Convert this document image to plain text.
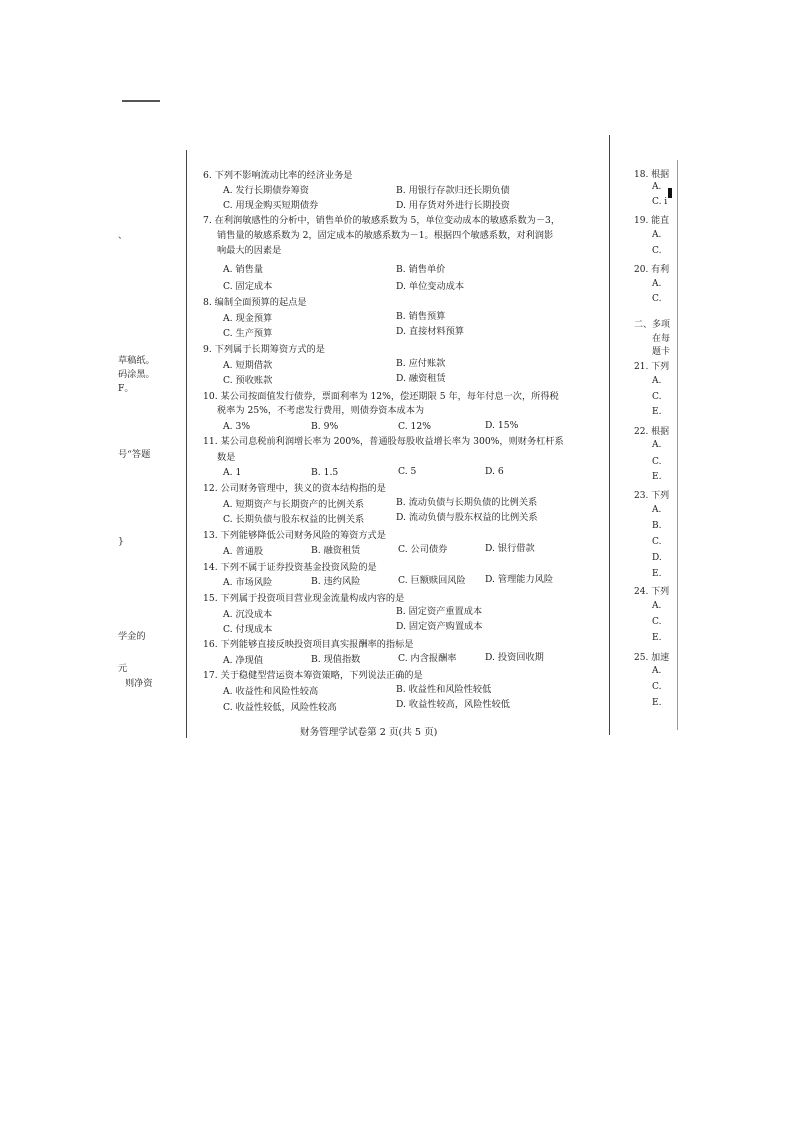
、
草稿纸。
码涂黑。
F。
号“答题
}
学金的
元
则净资
6. 下列不影响流动比率的经济业务是
A. 发行长期债券筹资	B. 用银行存款归还长期负债
C. 用现金购买短期债券	D. 用存货对外进行长期投资
7. 在利润敏感性的分析中，销售单价的敏感系数为 5，单位变动成本的敏感系数为－3，
销售量的敏感系数为 2，固定成本的敏感系数为－1。根据四个敏感系数，对利润影
响最大的因素是
A. 销售量	B. 销售单价
C. 固定成本	D. 单位变动成本
8. 编制全面预算的起点是
A. 现金预算	B. 销售预算
C. 生产预算	D. 直接材料预算
9. 下列属于长期筹资方式的是
A. 短期借款	B. 应付账款
C. 预收账款	D. 融资租赁
10. 某公司按面值发行债券，票面利率为 12%，偿还期限 5 年，每年付息一次，所得税
税率为 25%，不考虑发行费用，则债券资本成本为
A. 3%	B. 9%	C. 12%	D. 15%
11. 某公司息税前利润增长率为 200%，普通股每股收益增长率为 300%，则财务杠杆系
数是
A. 1	B. 1.5	C. 5	D. 6
12. 公司财务管理中，狭义的资本结构指的是
A. 短期资产与长期资产的比例关系	B. 流动负债与长期负债的比例关系
C. 长期负债与股东权益的比例关系	D. 流动负债与股东权益的比例关系
13. 下列能够降低公司财务风险的筹资方式是
A. 普通股	B. 融资租赁	C. 公司债券	D. 银行借款
14. 下列不属于证券投资基金投资风险的是
A. 市场风险	B. 违约风险	C. 巨额赎回风险 D. 管理能力风险
15. 下列属于投资项目营业现金流量构成内容的是
A. 沉没成本	B. 固定资产重置成本
C. 付现成本	D. 固定资产购置成本
16. 下列能够直接反映投资项目真实报酬率的指标是
A. 净现值	B. 现值指数	C. 内含报酬率	D. 投资回收期
17. 关于稳健型营运资本筹资策略，下列说法正确的是
A. 收益性和风险性较高	B. 收益性和风险性较低
C. 收益性较低，风险性较高	D. 收益性较高，风险性较低
财务管理学试卷第 2 页(共 5 页)
18. 根据
A.
C. i
19. 能直
A.
C.
20. 有利
A.
C.
二、多项
在每
题卡
21. 下列
A.
C.
E.
22. 根据
A.
C.
E.
23. 下列
A.
B.
C.
D.
E.
24. 下列
A.
C.
E.
25. 加速
A.
C.
E.
